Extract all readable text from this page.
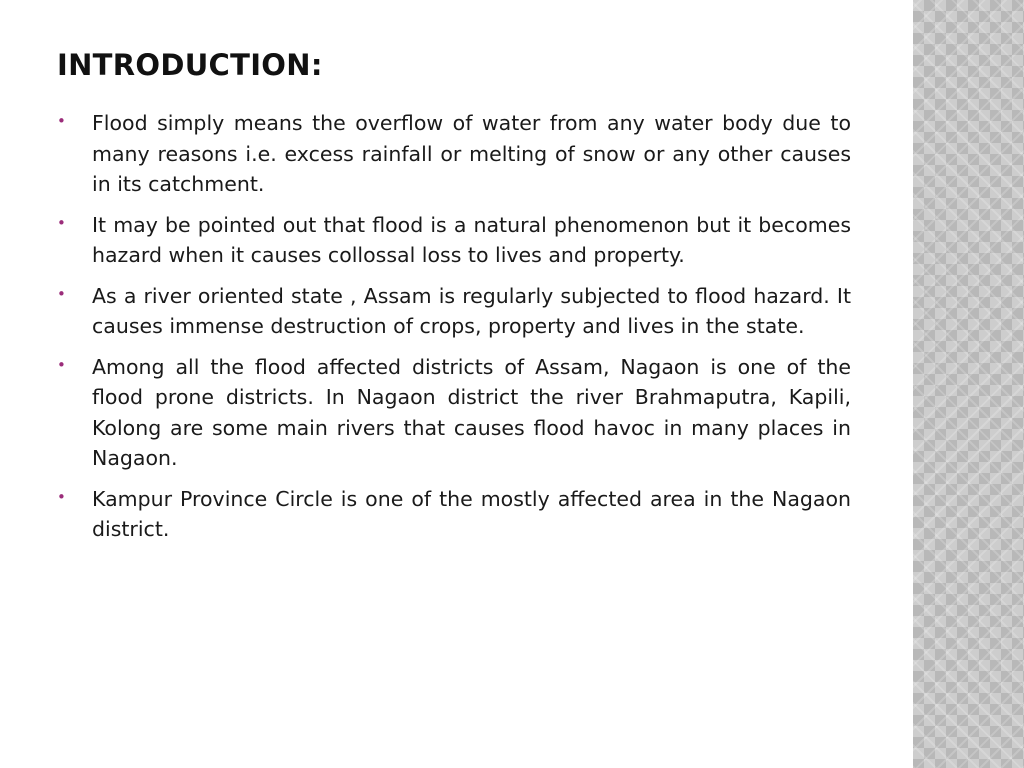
INTRODUCTION:
• Flood simply means the overflow of water from any water body due to many reasons i.e. excess rainfall or melting of snow or any other causes in its catchment.
• It may be pointed out that flood is a natural phenomenon but it becomes hazard when it causes collossal loss to lives and property.
• As a river oriented state , Assam is regularly subjected to flood hazard. It causes immense destruction of crops, property and lives in the state.
• Among all the flood affected districts of Assam, Nagaon is one of the flood prone districts. In Nagaon district the river Brahmaputra, Kapili, Kolong are some main rivers that causes flood havoc in many places in Nagaon.
• Kampur Province Circle is one of the mostly affected area in the Nagaon district.
